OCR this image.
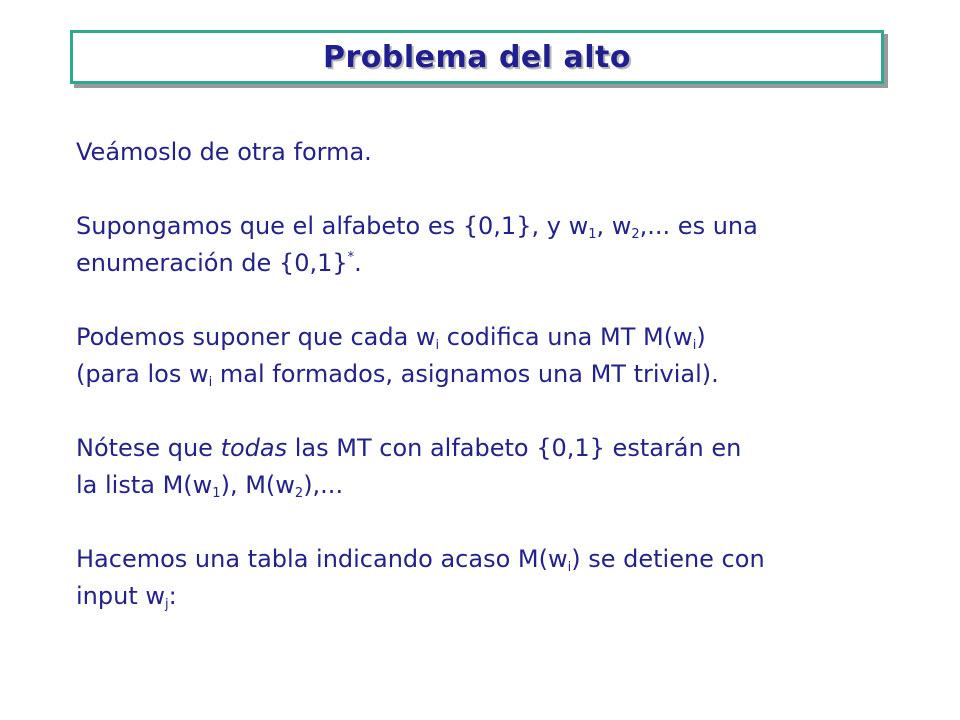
Problema del alto
Veámoslo de otra forma.
Supongamos que el alfabeto es {0,1}, y $w_1$, $w_2$,... es una
enumeración de {0,1}*.
Podemos suponer que cada $w_i$ codifica una MT $M(w_i)$
(para los $w_i$ mal formados, asignamos una MT trivial).
Nótese que todas las MT con alfabeto {0,1} estarán en
la lista $M(w_1)$, $M(w_2)$,...
Hacemos una tabla indicando acaso $M(w_i)$ se detiene con
input $w_j$:
